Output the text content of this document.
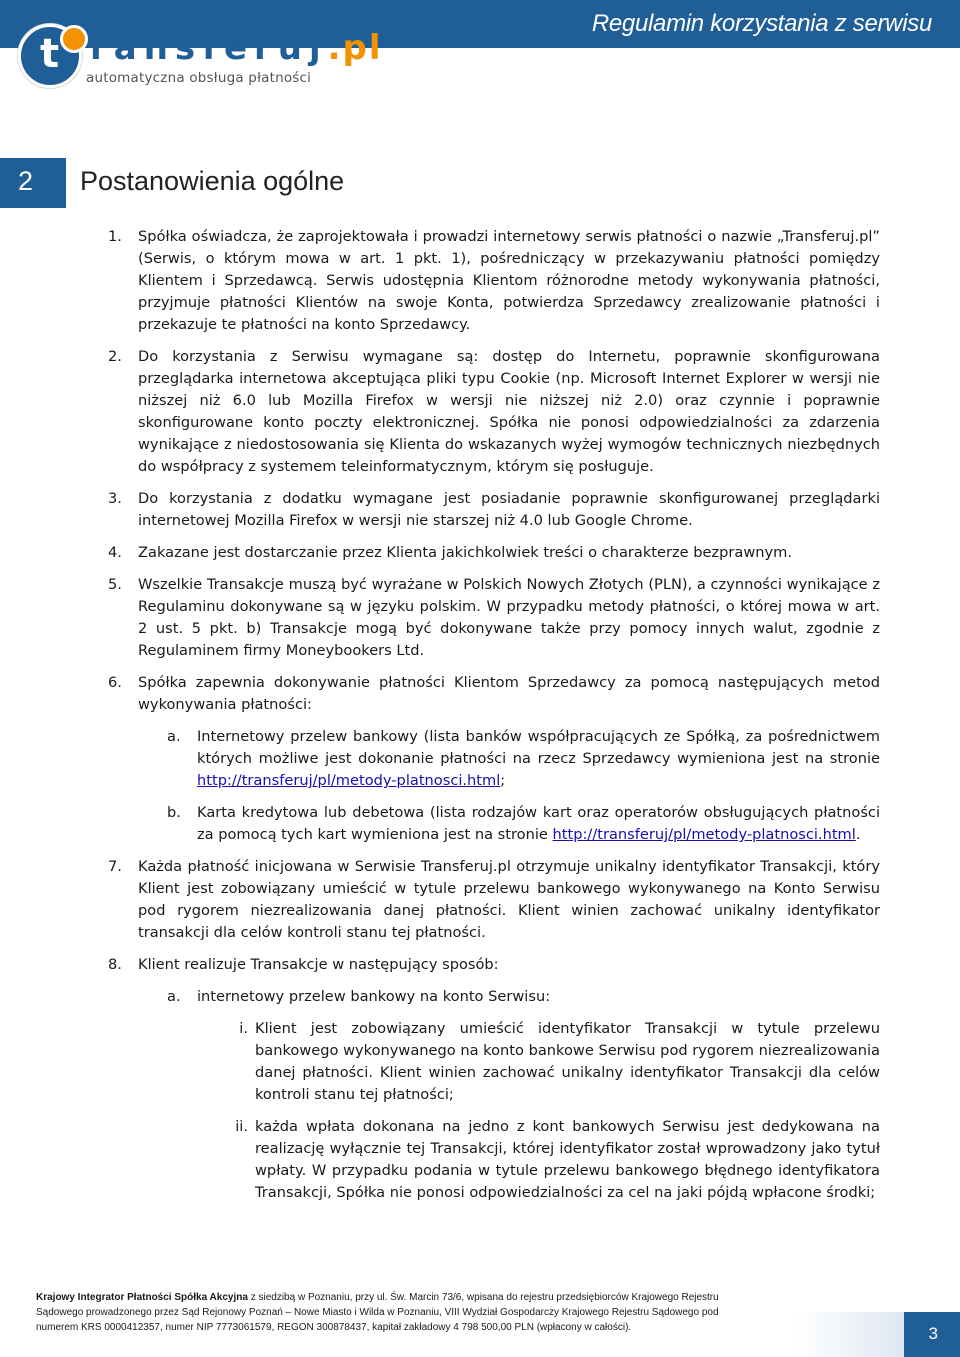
Regulamin korzystania z serwisu
t ransferuj.pl
automatyczna obsługa płatności
2 Postanowienia ogólne
1. Spółka oświadcza, że zaprojektowała i prowadzi internetowy serwis płatności o nazwie „Transferuj.pl” (Serwis, o którym mowa w art. 1 pkt. 1), pośredniczący w przekazywaniu płatności pomiędzy Klientem i Sprzedawcą. Serwis udostępnia Klientom różnorodne metody wykonywania płatności, przyjmuje płatności Klientów na swoje Konta, potwierdza Sprzedawcy zrealizowanie płatności i przekazuje te płatności na konto Sprzedawcy.
2. Do korzystania z Serwisu wymagane są: dostęp do Internetu, poprawnie skonfigurowana przeglądarka internetowa akceptująca pliki typu Cookie (np. Microsoft Internet Explorer w wersji nie niższej niż 6.0 lub Mozilla Firefox w wersji nie niższej niż 2.0) oraz czynnie i poprawnie skonfigurowane konto poczty elektronicznej. Spółka nie ponosi odpowiedzialności za zdarzenia wynikające z niedostosowania się Klienta do wskazanych wyżej wymogów technicznych niezbędnych do współpracy z systemem teleinformatycznym, którym się posługuje.
3. Do korzystania z dodatku wymagane jest posiadanie poprawnie skonfigurowanej przeglądarki internetowej Mozilla Firefox w wersji nie starszej niż 4.0 lub Google Chrome.
4. Zakazane jest dostarczanie przez Klienta jakichkolwiek treści o charakterze bezprawnym.
5. Wszelkie Transakcje muszą być wyrażane w Polskich Nowych Złotych (PLN), a czynności wynikające z Regulaminu dokonywane są w języku polskim. W przypadku metody płatności, o której mowa w art. 2 ust. 5 pkt. b) Transakcje mogą być dokonywane także przy pomocy innych walut, zgodnie z Regulaminem firmy Moneybookers Ltd.
6. Spółka zapewnia dokonywanie płatności Klientom Sprzedawcy za pomocą następujących metod wykonywania płatności:
a. Internetowy przelew bankowy (lista banków współpracujących ze Spółką, za pośrednictwem których możliwe jest dokonanie płatności na rzecz Sprzedawcy wymieniona jest na stronie http://transferuj/pl/metody-platnosci.html;
b. Karta kredytowa lub debetowa (lista rodzajów kart oraz operatorów obsługujących płatności za pomocą tych kart wymieniona jest na stronie http://transferuj/pl/metody-platnosci.html.
7. Każda płatność inicjowana w Serwisie Transferuj.pl otrzymuje unikalny identyfikator Transakcji, który Klient jest zobowiązany umieścić w tytule przelewu bankowego wykonywanego na Konto Serwisu pod rygorem niezrealizowania danej płatności. Klient winien zachować unikalny identyfikator transakcji dla celów kontroli stanu tej płatności.
8. Klient realizuje Transakcje w następujący sposób:
a. internetowy przelew bankowy na konto Serwisu:
i. Klient jest zobowiązany umieścić identyfikator Transakcji w tytule przelewu bankowego wykonywanego na konto bankowe Serwisu pod rygorem niezrealizowania danej płatności. Klient winien zachować unikalny identyfikator Transakcji dla celów kontroli stanu tej płatności;
ii. każda wpłata dokonana na jedno z kont bankowych Serwisu jest dedykowana na realizację wyłącznie tej Transakcji, której identyfikator został wprowadzony jako tytuł wpłaty. W przypadku podania w tytule przelewu bankowego błędnego identyfikatora Transakcji, Spółka nie ponosi odpowiedzialności za cel na jaki pójdą wpłacone środki;
Krajowy Integrator Płatności Spółka Akcyjna z siedzibą w Poznaniu, przy ul. Św. Marcin 73/6, wpisana do rejestru przedsiębiorców Krajowego Rejestru
Sądowego prowadzonego przez Sąd Rejonowy Poznań – Nowe Miasto i Wilda w Poznaniu, VIII Wydział Gospodarczy Krajowego Rejestru Sądowego pod
numerem KRS 0000412357, numer NIP 7773061579, REGON 300878437, kapitał zakładowy 4 798 500,00 PLN (wpłacony w całości).	3
